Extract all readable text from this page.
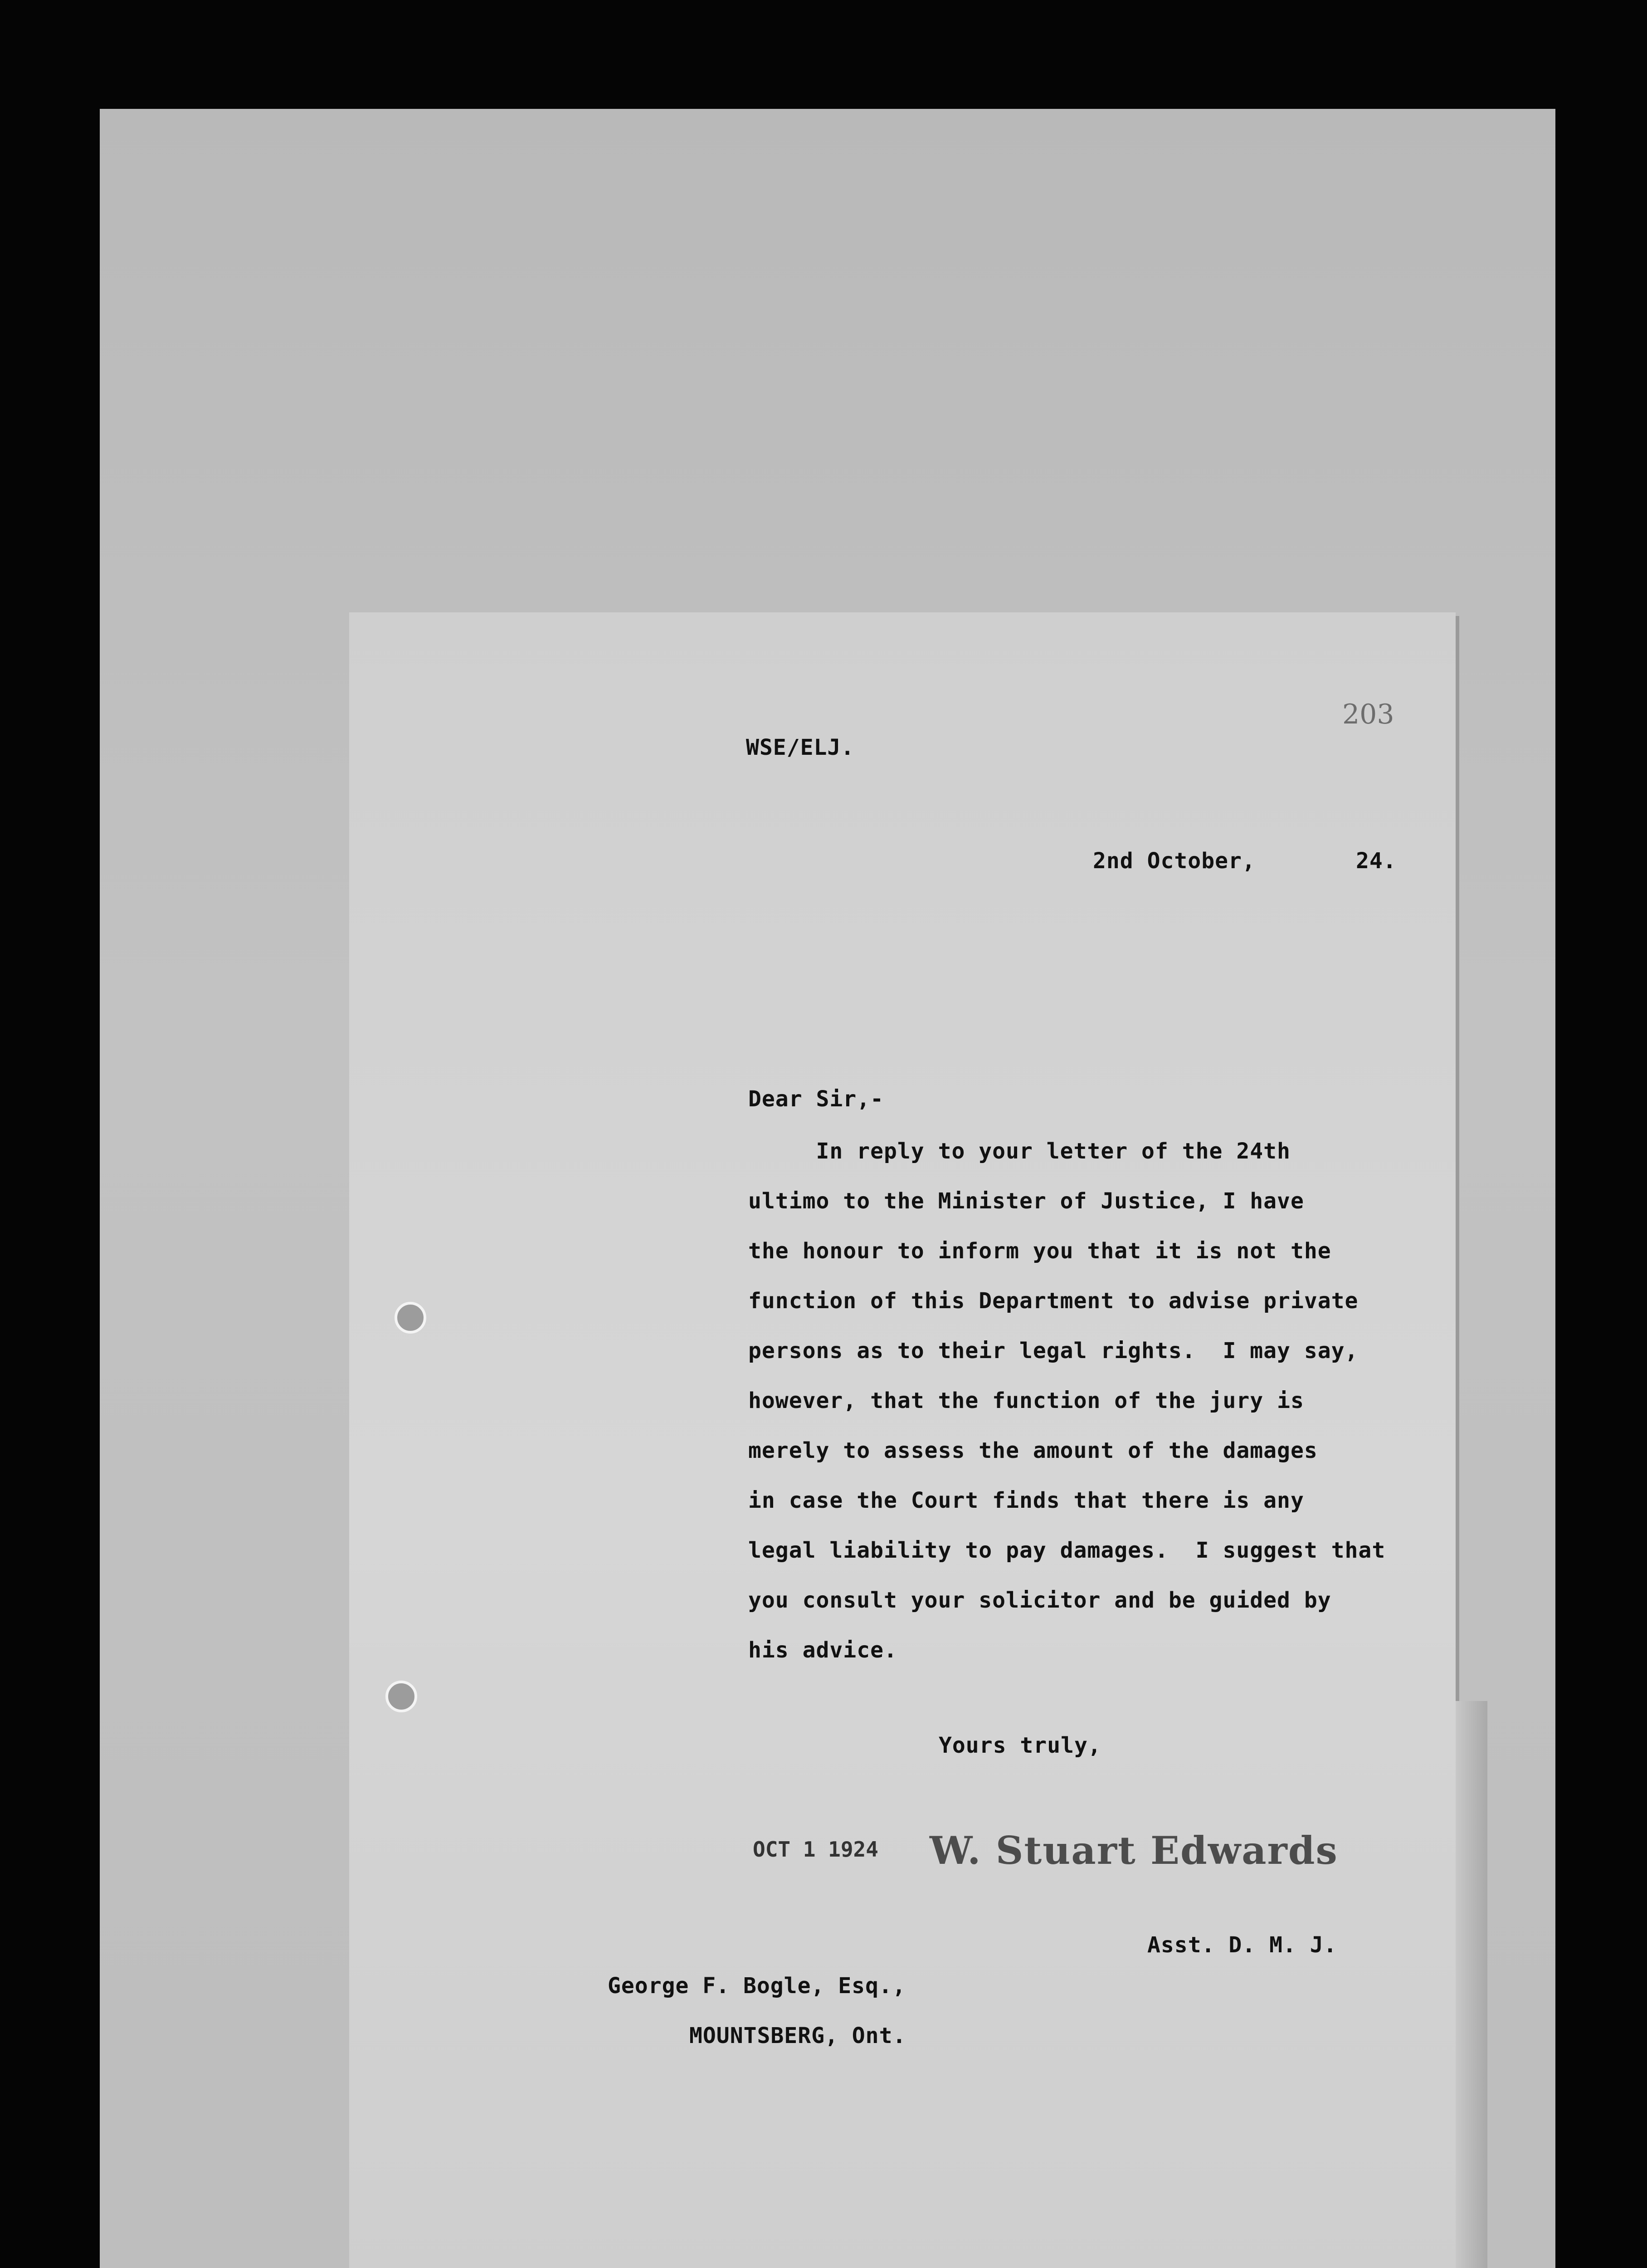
WSE/ELJ.
203
2nd October,	24.
Dear Sir,-
In reply to your letter of the 24th
ultimo to the Minister of Justice, I have
the honour to inform you that it is not the
function of this Department to advise private
persons as to their legal rights.  I may say,
however, that the function of the jury is
merely to assess the amount of the damages
in case the Court finds that there is any
legal liability to pay damages.  I suggest that
you consult your solicitor and be guided by
his advice.
Yours truly,
OCT 1 1924 W. Stuart Edwards
Asst. D. M. J.
George F. Bogle, Esq.,
MOUNTSBERG, Ont.
